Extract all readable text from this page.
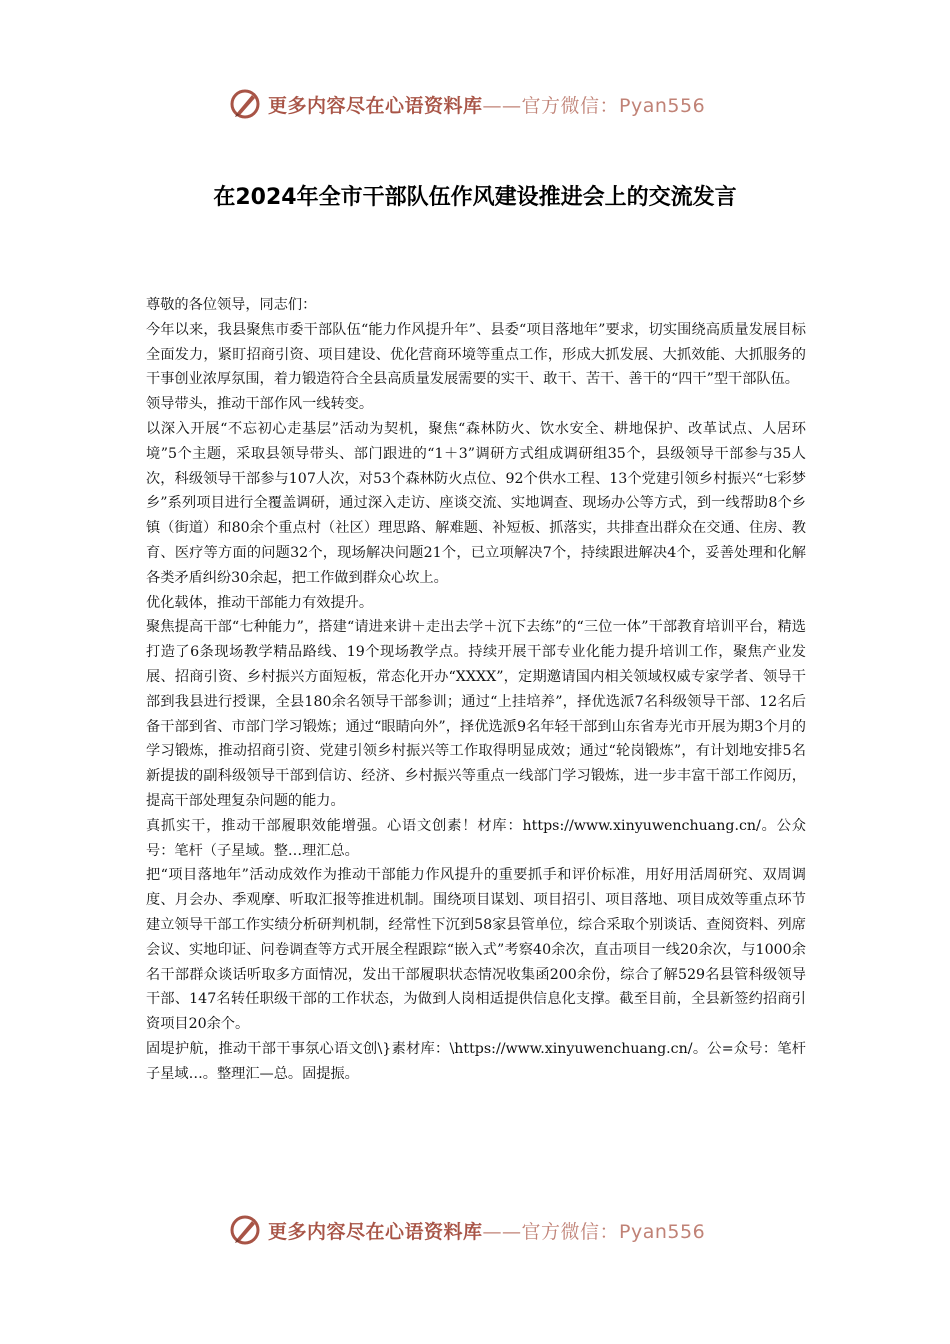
更多内容尽在心语资料库——官方微信：Pyan556
在2024年全市干部队伍作风建设推进会上的交流发言

尊敬的各位领导，同志们：

今年以来，我县聚焦市委干部队伍“能力作风提升年”、县委“项目落地年”要求，切实围绕高质量发展目标全面发力，紧盯招商引资、项目建设、优化营商环境等重点工作，形成大抓发展、大抓效能、大抓服务的干事创业浓厚氛围，着力锻造符合全县高质量发展需要的实干、敢干、苦干、善干的“四干”型干部队伍。

领导带头，推动干部作风一线转变。

以深入开展“不忘初心走基层”活动为契机，聚焦“森林防火、饮水安全、耕地保护、改革试点、人居环境”5个主题，采取县领导带头、部门跟进的“1＋3”调研方式组成调研组35个，县级领导干部参与35人次，科级领导干部参与107人次，对53个森林防火点位、92个供水工程、13个党建引领乡村振兴“七彩梦乡”系列项目进行全覆盖调研，通过深入走访、座谈交流、实地调查、现场办公等方式，到一线帮助8个乡镇（街道）和80余个重点村（社区）理思路、解难题、补短板、抓落实，共排查出群众在交通、住房、教育、医疗等方面的问题32个，现场解决问题21个，已立项解决7个，持续跟进解决4个，妥善处理和化解各类矛盾纠纷30余起，把工作做到群众心坎上。

优化载体，推动干部能力有效提升。

聚焦提高干部“七种能力”，搭建“请进来讲＋走出去学＋沉下去练”的“三位一体”干部教育培训平台，精选打造了6条现场教学精品路线、19个现场教学点。持续开展干部专业化能力提升培训工作，聚焦产业发展、招商引资、乡村振兴方面短板，常态化开办“XXXX”，定期邀请国内相关领域权威专家学者、领导干部到我县进行授课，全县180余名领导干部参训；通过“上挂培养”，择优选派7名科级领导干部、12名后备干部到省、市部门学习锻炼；通过“眼睛向外”，择优选派9名年轻干部到山东省寿光市开展为期3个月的学习锻炼，推动招商引资、党建引领乡村振兴等工作取得明显成效；通过“轮岗锻炼”，有计划地安排5名新提拔的副科级领导干部到信访、经济、乡村振兴等重点一线部门学习锻炼，进一步丰富干部工作阅历，提高干部处理复杂问题的能力。

真抓实干，推动干部履职效能增强。心语文创素！材库：https://www.xinyuwenchuang.cn/。公众号：笔杆（子星域。整…理汇总。

把“项目落地年”活动成效作为推动干部能力作风提升的重要抓手和评价标准，用好用活周研究、双周调度、月会办、季观摩、听取汇报等推进机制。围绕项目谋划、项目招引、项目落地、项目成效等重点环节建立领导干部工作实绩分析研判机制，经常性下沉到58家县管单位，综合采取个别谈话、查阅资料、列席会议、实地印证、问卷调查等方式开展全程跟踪“嵌入式”考察40余次，直击项目一线20余次，与1000余名干部群众谈话听取多方面情况，发出干部履职状态情况收集函200余份，综合了解529名县管科级领导干部、147名转任职级干部的工作状态，为做到人岗相适提供信息化支撑。截至目前，全县新签约招商引资项目20余个。

固堤护航，推动干部干事氛心语文创\}素材库：\https://www.xinyuwenchuang.cn/。公=众号：笔杆子星域…。整理汇—总。固提振。

更多内容尽在心语资料库——官方微信：Pyan556
